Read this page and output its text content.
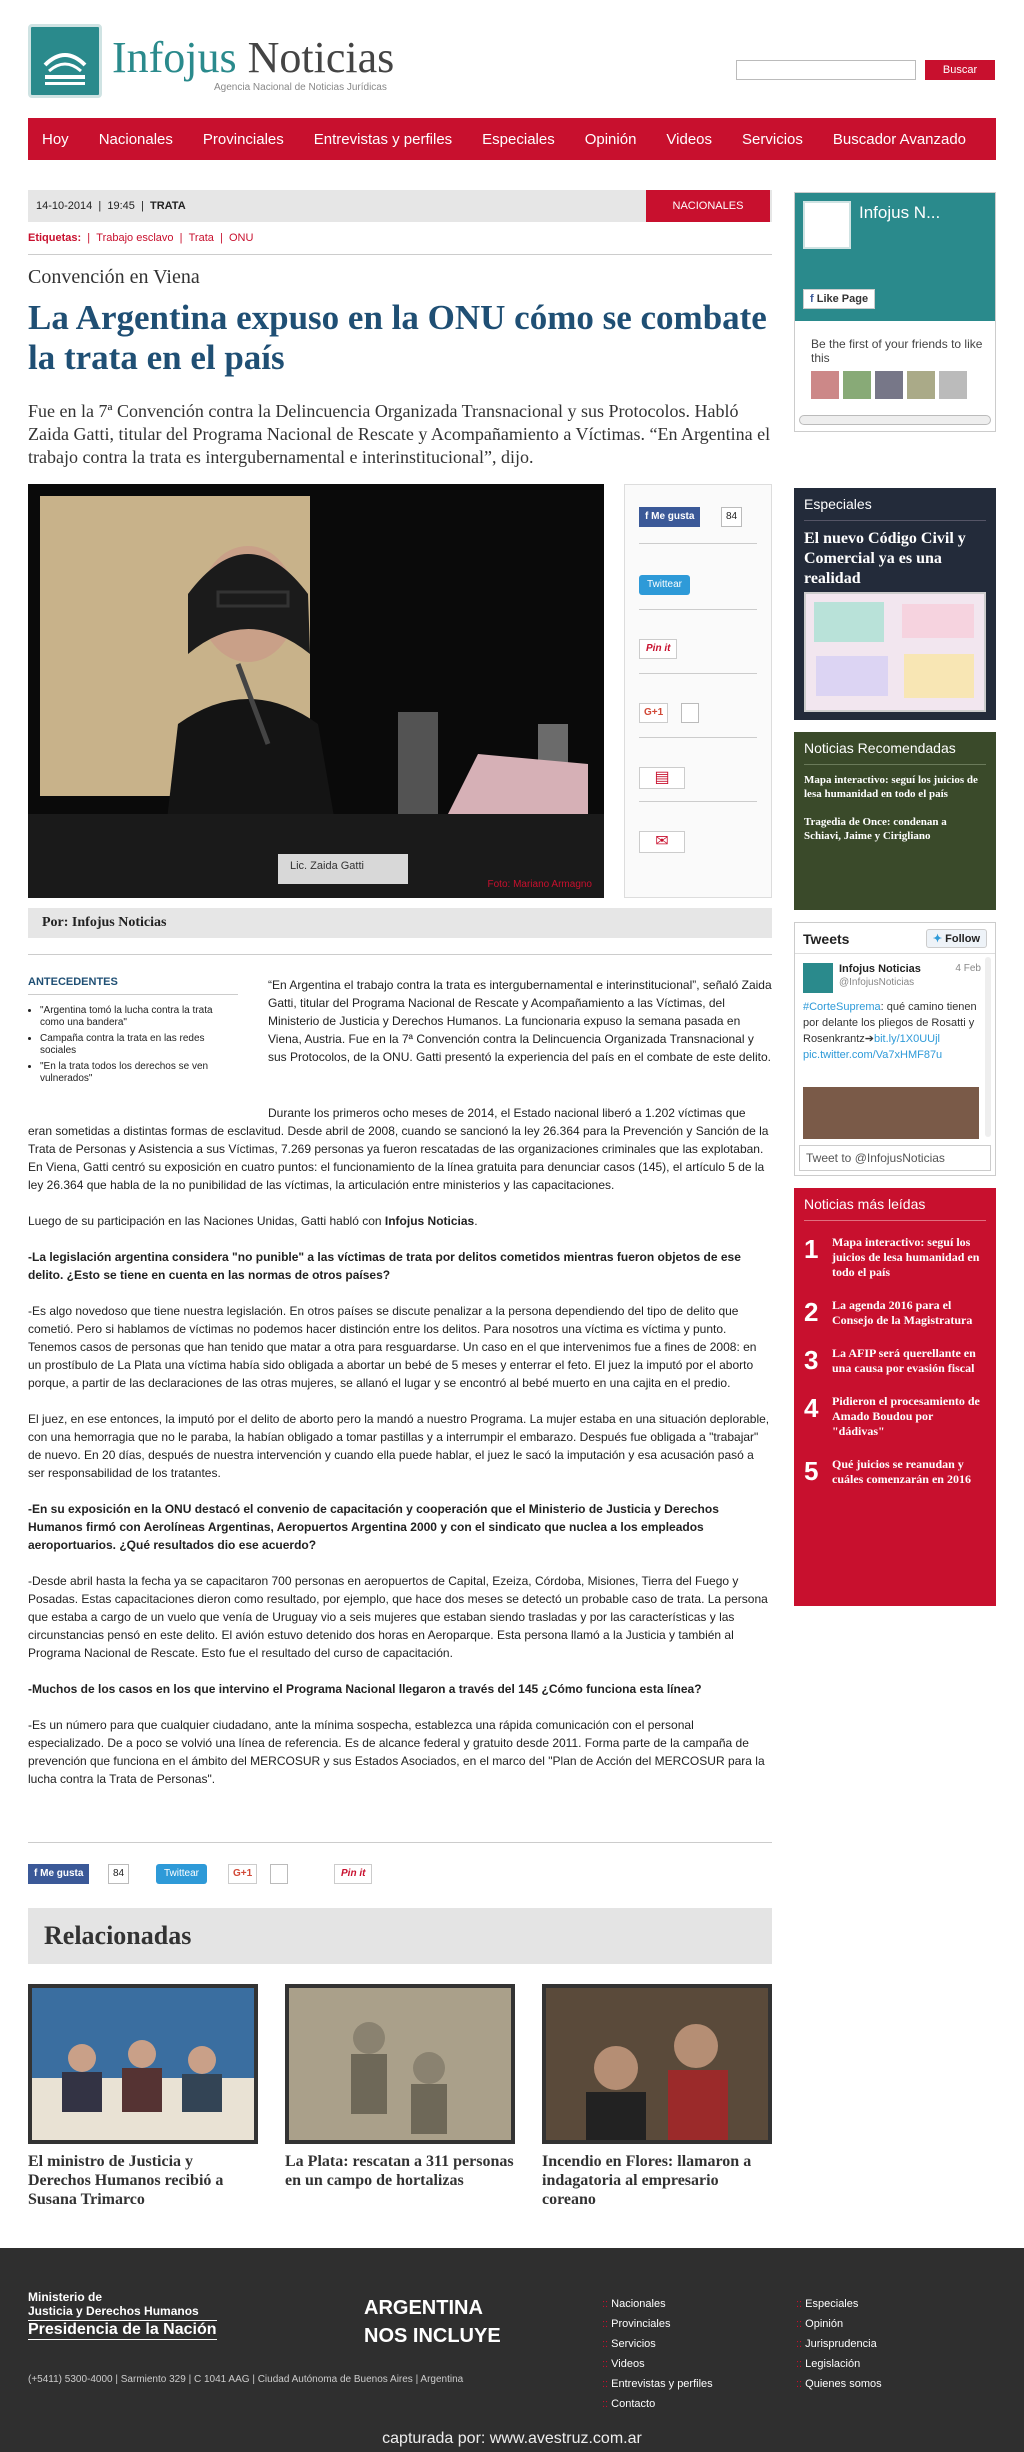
Infojus Noticias
Agencia Nacional de Noticias Jurídicas
Buscar
Hoy Nacionales Provinciales Entrevistas y perfiles Especiales Opinión Videos Servicios Buscador Avanzado
14-10-2014  |  19:45  |  TRATA	NACIONALES
Etiquetas:  |  Trabajo esclavo  |  Trata  |  ONU
Convención en Viena
La Argentina expuso en la ONU cómo se combate la trata en el país
Fue en la 7ª Convención contra la Delincuencia Organizada Transnacional y sus Protocolos. Habló Zaida Gatti, titular del Programa Nacional de Rescate y Acompañamiento a Víctimas. “En Argentina el trabajo contra la trata es intergubernamental e interinstitucional”, dijo.
Lic. Zaida Gatti
Foto: Mariano Armagno
f Me gusta	84
Twittear
Pin it
G+1
▤
✉
Por: Infojus Noticias
ANTECEDENTES
• "Argentina tomó la lucha contra la trata como una bandera"
• Campaña contra la trata en las redes sociales
• "En la trata todos los derechos se ven vulnerados"
“En Argentina el trabajo contra la trata es intergubernamental e interinstitucional”, señaló Zaida Gatti, titular del Programa Nacional de Rescate y Acompañamiento a las Víctimas, del Ministerio de Justicia y Derechos Humanos. La funcionaria expuso la semana pasada en Viena, Austria. Fue en la 7ª Convención contra la Delincuencia Organizada Transnacional y sus Protocolos, de la ONU. Gatti presentó la experiencia del país en el combate de este delito.

Durante los primeros ocho meses de 2014, el Estado nacional liberó a 1.202 víctimas que eran sometidas a distintas formas de esclavitud. Desde abril de 2008, cuando se sancionó la ley 26.364 para la Prevención y Sanción de la Trata de Personas y Asistencia a sus Víctimas, 7.269 personas ya fueron rescatadas de las organizaciones criminales que las explotaban. En Viena, Gatti centró su exposición en cuatro puntos: el funcionamiento de la línea gratuita para denunciar casos (145), el artículo 5 de la ley 26.364 que habla de la no punibilidad de las víctimas, la articulación entre ministerios y las capacitaciones.

Luego de su participación en las Naciones Unidas, Gatti habló con Infojus Noticias.

-La legislación argentina considera "no punible" a las víctimas de trata por delitos cometidos mientras fueron objetos de ese delito. ¿Esto se tiene en cuenta en las normas de otros países?

-Es algo novedoso que tiene nuestra legislación. En otros países se discute penalizar a la persona dependiendo del tipo de delito que cometió. Pero si hablamos de víctimas no podemos hacer distinción entre los delitos. Para nosotros una víctima es víctima y punto. Tenemos casos de personas que han tenido que matar a otra para resguardarse. Un caso en el que intervenimos fue a fines de 2008: en un prostíbulo de La Plata una víctima había sido obligada a abortar un bebé de 5 meses y enterrar el feto. El juez la imputó por el aborto porque, a partir de las declaraciones de las otras mujeres, se allanó el lugar y se encontró al bebé muerto en una cajita en el predio.

El juez, en ese entonces, la imputó por el delito de aborto pero la mandó a nuestro Programa. La mujer estaba en una situación deplorable, con una hemorragia que no le paraba, la habían obligado a tomar pastillas y a interrumpir el embarazo. Después fue obligada a "trabajar" de nuevo. En 20 días, después de nuestra intervención y cuando ella puede hablar, el juez le sacó la imputación y esa acusación pasó a ser responsabilidad de los tratantes.

-En su exposición en la ONU destacó el convenio de capacitación y cooperación que el Ministerio de Justicia y Derechos Humanos firmó con Aerolíneas Argentinas, Aeropuertos Argentina 2000 y con el sindicato que nuclea a los empleados aeroportuarios. ¿Qué resultados dio ese acuerdo?

-Desde abril hasta la fecha ya se capacitaron 700 personas en aeropuertos de Capital, Ezeiza, Córdoba, Misiones, Tierra del Fuego y Posadas. Estas capacitaciones dieron como resultado, por ejemplo, que hace dos meses se detectó un probable caso de trata. La persona que estaba a cargo de un vuelo que venía de Uruguay vio a seis mujeres que estaban siendo trasladas y por las características y las circunstancias pensó en este delito. El avión estuvo detenido dos horas en Aeroparque. Esta persona llamó a la Justicia y también al Programa Nacional de Rescate. Esto fue el resultado del curso de capacitación.

-Muchos de los casos en los que intervino el Programa Nacional llegaron a través del 145 ¿Cómo funciona esta línea?

-Es un número para que cualquier ciudadano, ante la mínima sospecha, establezca una rápida comunicación con el personal especializado. De a poco se volvió una línea de referencia. Es de alcance federal y gratuito desde 2011. Forma parte de la campaña de prevención que funciona en el ámbito del MERCOSUR y sus Estados Asociados, en el marco del "Plan de Acción del MERCOSUR para la lucha contra la Trata de Personas".

f Me gusta	84	Twittear	G+1	Pin it
Relacionadas
El ministro de Justicia y Derechos Humanos recibió a Susana Trimarco
La Plata: rescatan a 311 personas en un campo de hortalizas
Incendio en Flores: llamaron a indagatoria al empresario coreano
Infojus N...
f Like Page
Be the first of your friends to like this
Especiales
El nuevo Código Civil y Comercial ya es una realidad
Noticias Recomendadas
Mapa interactivo: seguí los juicios de lesa humanidad en todo el país
Tragedia de Once: condenan a Schiavi, Jaime y Cirigliano
Tweets	✦ Follow
Infojus Noticias	4 Feb
@InfojusNoticias
#CorteSuprema: qué camino tienen por delante los pliegos de Rosatti y Rosenkrantz➔bit.ly/1X0UUjl pic.twitter.com/Va7xHMF87u
Tweet to @InfojusNoticias
Noticias más leídas
1 Mapa interactivo: seguí los juicios de lesa humanidad en todo el país
2 La agenda 2016 para el Consejo de la Magistratura
3 La AFIP será querellante en una causa por evasión fiscal
4 Pidieron el procesamiento de Amado Boudou por "dádivas"
5 Qué juicios se reanudan y cuáles comenzarán en 2016
Ministerio de
Justicia y Derechos Humanos
Presidencia de la Nación
ARGENTINA
NOS INCLUYE
(+5411) 5300-4000 | Sarmiento 329 | C 1041 AAG | Ciudad Autónoma de Buenos Aires | Argentina
:: Nacionales
:: Provinciales
:: Servicios
:: Videos
:: Entrevistas y perfiles
:: Contacto
:: Especiales
:: Opinión
:: Jurisprudencia
:: Legislación
:: Quienes somos
capturada por: www.avestruz.com.ar
